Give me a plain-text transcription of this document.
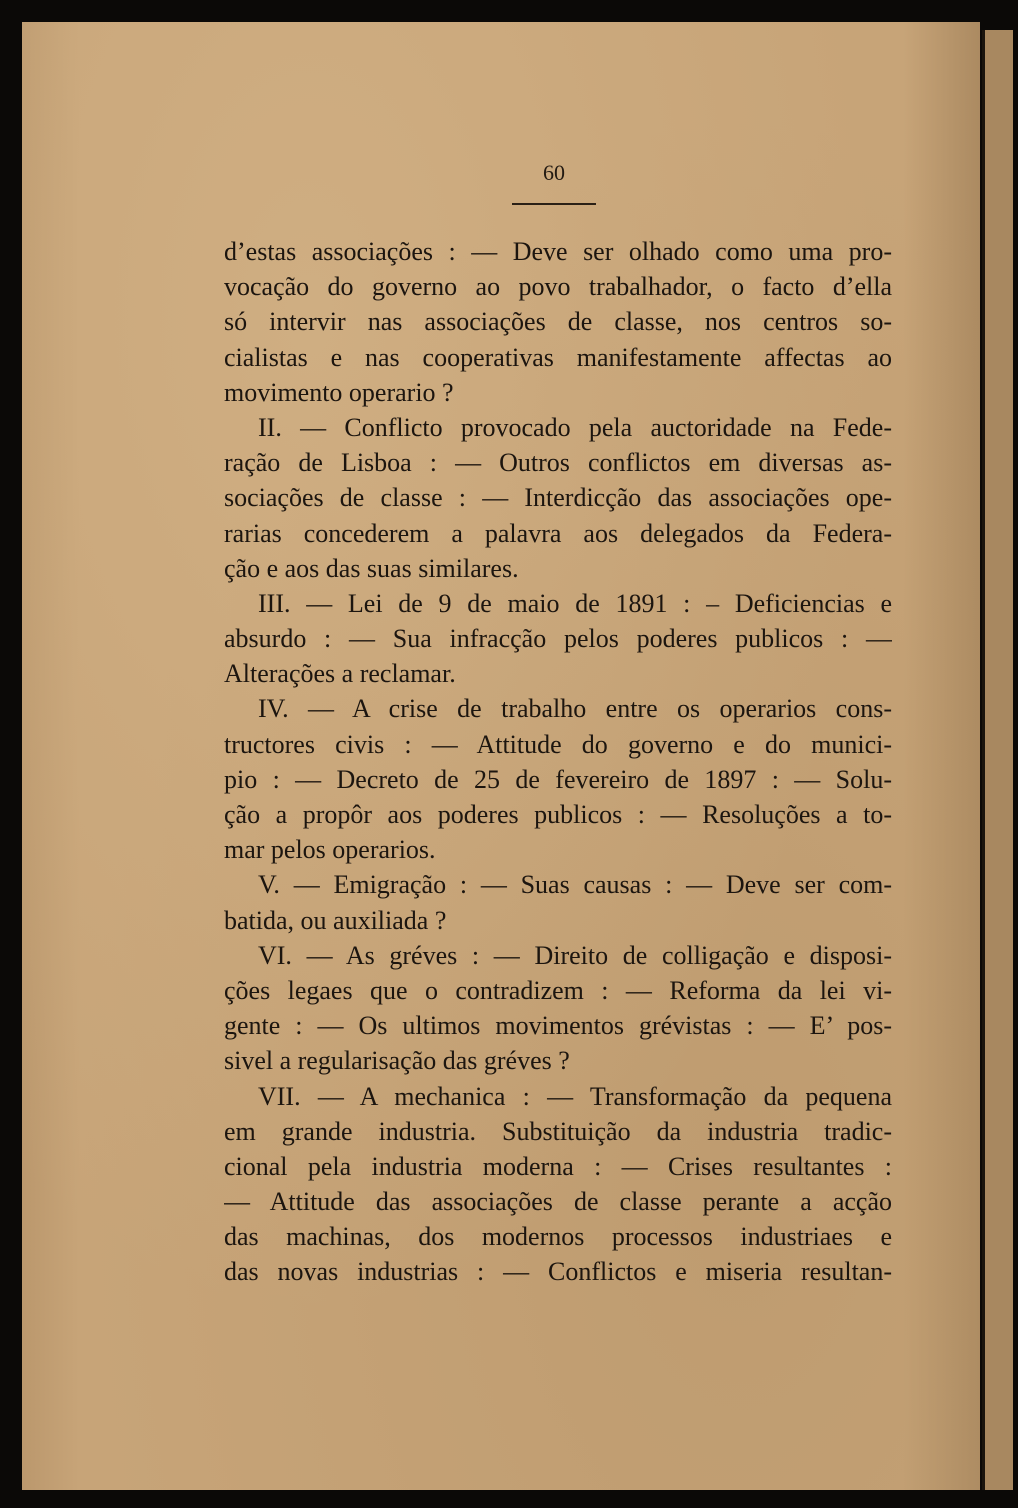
60
d’estas associações : — Deve ser olhado como uma pro-
vocação do governo ao povo trabalhador, o facto d’ella
só intervir nas associações de classe, nos centros so-
cialistas e nas cooperativas manifestamente affectas ao
movimento operario ?
II. — Conflicto provocado pela auctoridade na Fede-
ração de Lisboa : — Outros conflictos em diversas as-
sociações de classe : — Interdicção das associações ope-
rarias concederem a palavra aos delegados da Federa-
ção e aos das suas similares.
III. — Lei de 9 de maio de 1891 : – Deficiencias e
absurdo : — Sua infracção pelos poderes publicos : —
Alterações a reclamar.
IV. — A crise de trabalho entre os operarios cons-
tructores civis : — Attitude do governo e do munici-
pio : — Decreto de 25 de fevereiro de 1897 : — Solu-
ção a propôr aos poderes publicos : — Resoluções a to-
mar pelos operarios.
V. — Emigração : — Suas causas : — Deve ser com-
batida, ou auxiliada ?
VI. — As gréves : — Direito de colligação e disposi-
ções legaes que o contradizem : — Reforma da lei vi-
gente : — Os ultimos movimentos grévistas : — E’ pos-
sivel a regularisação das gréves ?
VII. — A mechanica : — Transformação da pequena
em grande industria. Substituição da industria tradic-
cional pela industria moderna : — Crises resultantes :
— Attitude das associações de classe perante a acção
das machinas, dos modernos processos industriaes e
das novas industrias : — Conflictos e miseria resultan-
